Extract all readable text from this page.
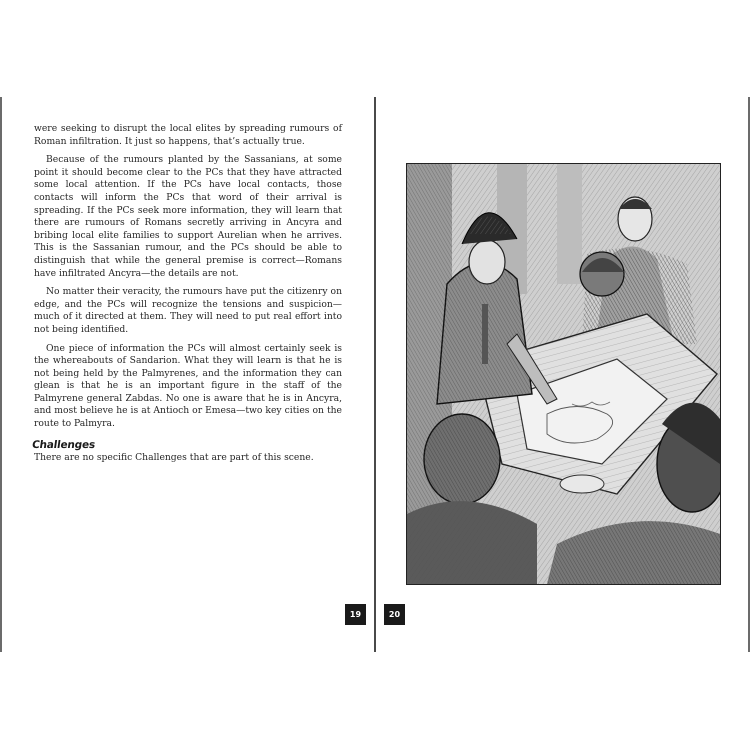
were seeking to disrupt the local elites by spreading rumours of Roman infiltration. It just so happens, that’s actually true.

Because of the rumours planted by the Sassanians, at some point it should become clear to the PCs that they have attracted some local attention. If the PCs have local contacts, those contacts will inform the PCs that word of their arrival is spreading. If the PCs seek more information, they will learn that there are rumours of Romans secretly arriving in Ancyra and bribing local elite families to support Aurelian when he arrives. This is the Sassanian rumour, and the PCs should be able to distinguish that while the general premise is correct—Romans have infiltrated Ancyra—the details are not.

No matter their veracity, the rumours have put the citizenry on edge, and the PCs will recognize the tensions and suspicion—much of it directed at them. They will need to put real effort into not being identified.

One piece of information the PCs will almost certainly seek is the whereabouts of Sandarion. What they will learn is that he is not being held by the Palmyrenes, and the information they can glean is that he is an important figure in the staff of the Palmyrene general Zabdas. No one is aware that he is in Ancyra, and most believe he is at Antioch or Emesa—two key cities on the route to Palmyra.

Challenges

There are no specific Challenges that are part of this scene.

19	20
